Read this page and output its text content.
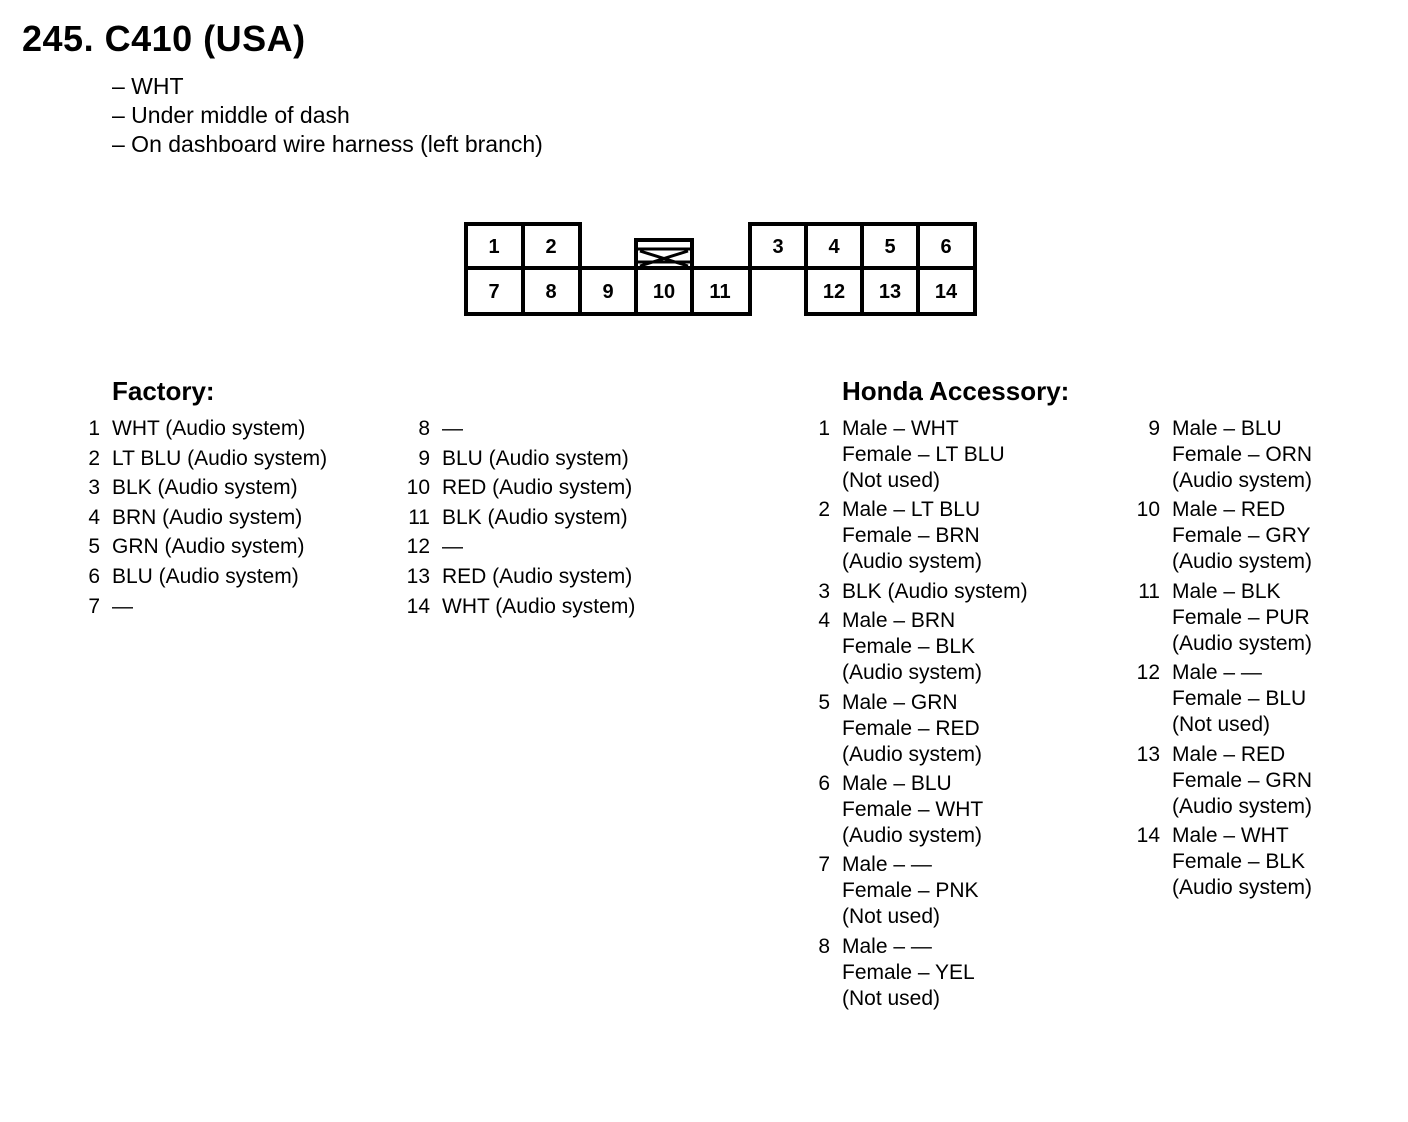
245. C410 (USA)
– WHT
– Under middle of dash
– On dashboard wire harness (left branch)
1 2	3 4 5 6
7 8 9 10 11	12 13 14
Factory:
1 WHT (Audio system)
2 LT BLU (Audio system)
3 BLK (Audio system)
4 BRN (Audio system)
5 GRN (Audio system)
6 BLU (Audio system)
7 —
8 —
9 BLU (Audio system)
10 RED (Audio system)
11 BLK (Audio system)
12 —
13 RED (Audio system)
14 WHT (Audio system)
Honda Accessory:
1 Male – WHT
Female – LT BLU
(Not used)
2 Male – LT BLU
Female – BRN
(Audio system)
3 BLK (Audio system)
4 Male – BRN
Female – BLK
(Audio system)
5 Male – GRN
Female – RED
(Audio system)
6 Male – BLU
Female – WHT
(Audio system)
7 Male – —
Female – PNK
(Not used)
8 Male – —
Female – YEL
(Not used)
9 Male – BLU
Female – ORN
(Audio system)
10 Male – RED
Female – GRY
(Audio system)
11 Male – BLK
Female – PUR
(Audio system)
12 Male – —
Female – BLU
(Not used)
13 Male – RED
Female – GRN
(Audio system)
14 Male – WHT
Female – BLK
(Audio system)
